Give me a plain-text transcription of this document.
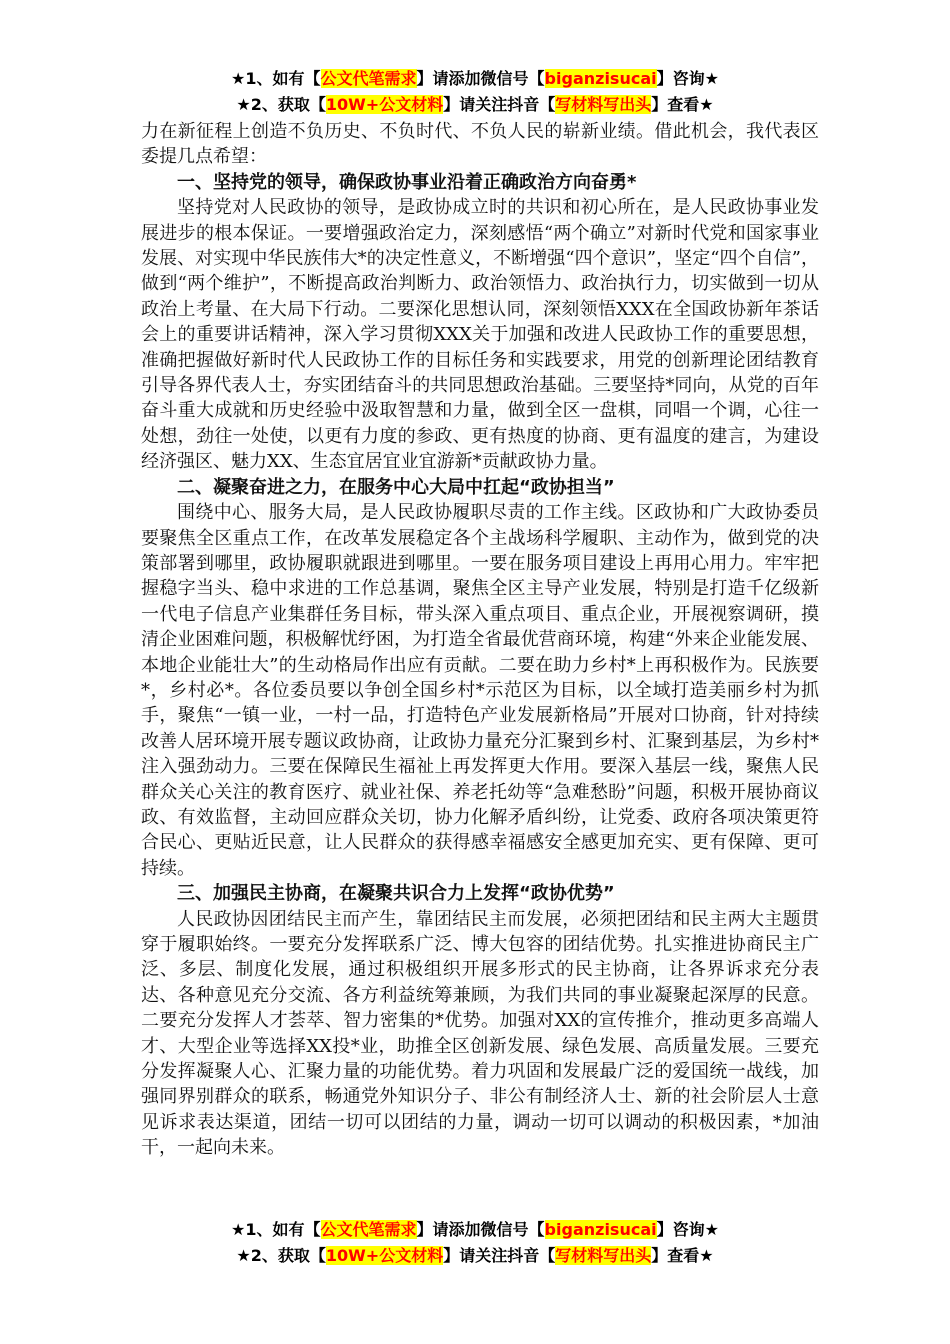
★1、如有【公文代笔需求】请添加微信号【biganzisucai】咨询★
★2、获取【10W+公文材料】请关注抖音【写材料写出头】查看★

力在新征程上创造不负历史、不负时代、不负人民的崭新业绩。借此机会，我代表区委提几点希望：

一、坚持党的领导，确保政协事业沿着正确政治方向奋勇*

坚持党对人民政协的领导，是政协成立时的共识和初心所在，是人民政协事业发展进步的根本保证。一要增强政治定力，深刻感悟“两个确立”对新时代党和国家事业发展、对实现中华民族伟大*的决定性意义，不断增强“四个意识”，坚定“四个自信”，做到“两个维护”，不断提高政治判断力、政治领悟力、政治执行力，切实做到一切从政治上考量、在大局下行动。二要深化思想认同，深刻领悟XXX在全国政协新年茶话会上的重要讲话精神，深入学习贯彻XXX关于加强和改进人民政协工作的重要思想，准确把握做好新时代人民政协工作的目标任务和实践要求，用党的创新理论团结教育引导各界代表人士，夯实团结奋斗的共同思想政治基础。三要坚持*同向，从党的百年奋斗重大成就和历史经验中汲取智慧和力量，做到全区一盘棋，同唱一个调，心往一处想，劲往一处使，以更有力度的参政、更有热度的协商、更有温度的建言，为建设经济强区、魅力XX、生态宜居宜业宜游新*贡献政协力量。

二、凝聚奋进之力，在服务中心大局中扛起“政协担当”

围绕中心、服务大局，是人民政协履职尽责的工作主线。区政协和广大政协委员要聚焦全区重点工作，在改革发展稳定各个主战场科学履职、主动作为，做到党的决策部署到哪里，政协履职就跟进到哪里。一要在服务项目建设上再用心用力。牢牢把握稳字当头、稳中求进的工作总基调，聚焦全区主导产业发展，特别是打造千亿级新一代电子信息产业集群任务目标，带头深入重点项目、重点企业，开展视察调研，摸清企业困难问题，积极解忧纾困，为打造全省最优营商环境，构建“外来企业能发展、本地企业能壮大”的生动格局作出应有贡献。二要在助力乡村*上再积极作为。民族要*，乡村必*。各位委员要以争创全国乡村*示范区为目标，以全域打造美丽乡村为抓手，聚焦“一镇一业，一村一品，打造特色产业发展新格局”开展对口协商，针对持续改善人居环境开展专题议政协商，让政协力量充分汇聚到乡村、汇聚到基层，为乡村*注入强劲动力。三要在保障民生福祉上再发挥更大作用。要深入基层一线，聚焦人民群众关心关注的教育医疗、就业社保、养老托幼等“急难愁盼”问题，积极开展协商议政、有效监督，主动回应群众关切，协力化解矛盾纠纷，让党委、政府各项决策更符合民心、更贴近民意，让人民群众的获得感幸福感安全感更加充实、更有保障、更可持续。

三、加强民主协商，在凝聚共识合力上发挥“政协优势”

人民政协因团结民主而产生，靠团结民主而发展，必须把团结和民主两大主题贯穿于履职始终。一要充分发挥联系广泛、博大包容的团结优势。扎实推进协商民主广泛、多层、制度化发展，通过积极组织开展多形式的民主协商，让各界诉求充分表达、各种意见充分交流、各方利益统筹兼顾，为我们共同的事业凝聚起深厚的民意。二要充分发挥人才荟萃、智力密集的*优势。加强对XX的宣传推介，推动更多高端人才、大型企业等选择XX投*业，助推全区创新发展、绿色发展、高质量发展。三要充分发挥凝聚人心、汇聚力量的功能优势。着力巩固和发展最广泛的爱国统一战线，加强同界别群众的联系，畅通党外知识分子、非公有制经济人士、新的社会阶层人士意见诉求表达渠道，团结一切可以团结的力量，调动一切可以调动的积极因素，*加油干，一起向未来。

★1、如有【公文代笔需求】请添加微信号【biganzisucai】咨询★
★2、获取【10W+公文材料】请关注抖音【写材料写出头】查看★
